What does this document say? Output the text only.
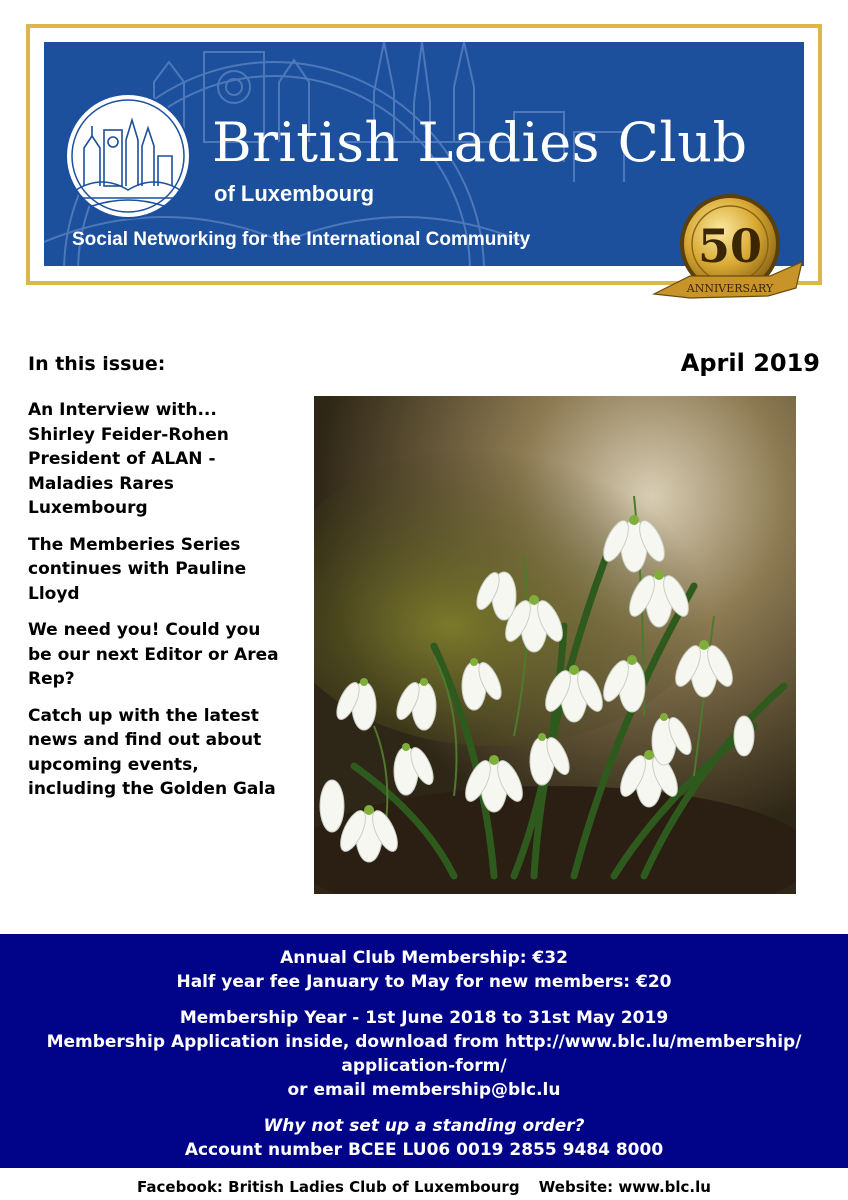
British Ladies Club
of Luxembourg

Social Networking for the International Community	50
ANNIVERSARY

In this issue:	April 2019

An Interview with... Shirley Feider-Rohen President of ALAN - Maladies Rares Luxembourg
The Memberies Series continues with Pauline Lloyd
We need you! Could you be our next Editor or Area Rep?
Catch up with the latest news and find out about upcoming events, including the Golden Gala
Annual Club Membership: €32
Half year fee January to May for new members: €20
Membership Year - 1st June 2018 to 31st May 2019
Membership Application inside, download from http://www.blc.lu/membership/
application-form/
or email membership@blc.lu
Why not set up a standing order?
Account number BCEE LU06 0019 2855 9484 8000
Facebook: British Ladies Club of Luxembourg Website: www.blc.lu
